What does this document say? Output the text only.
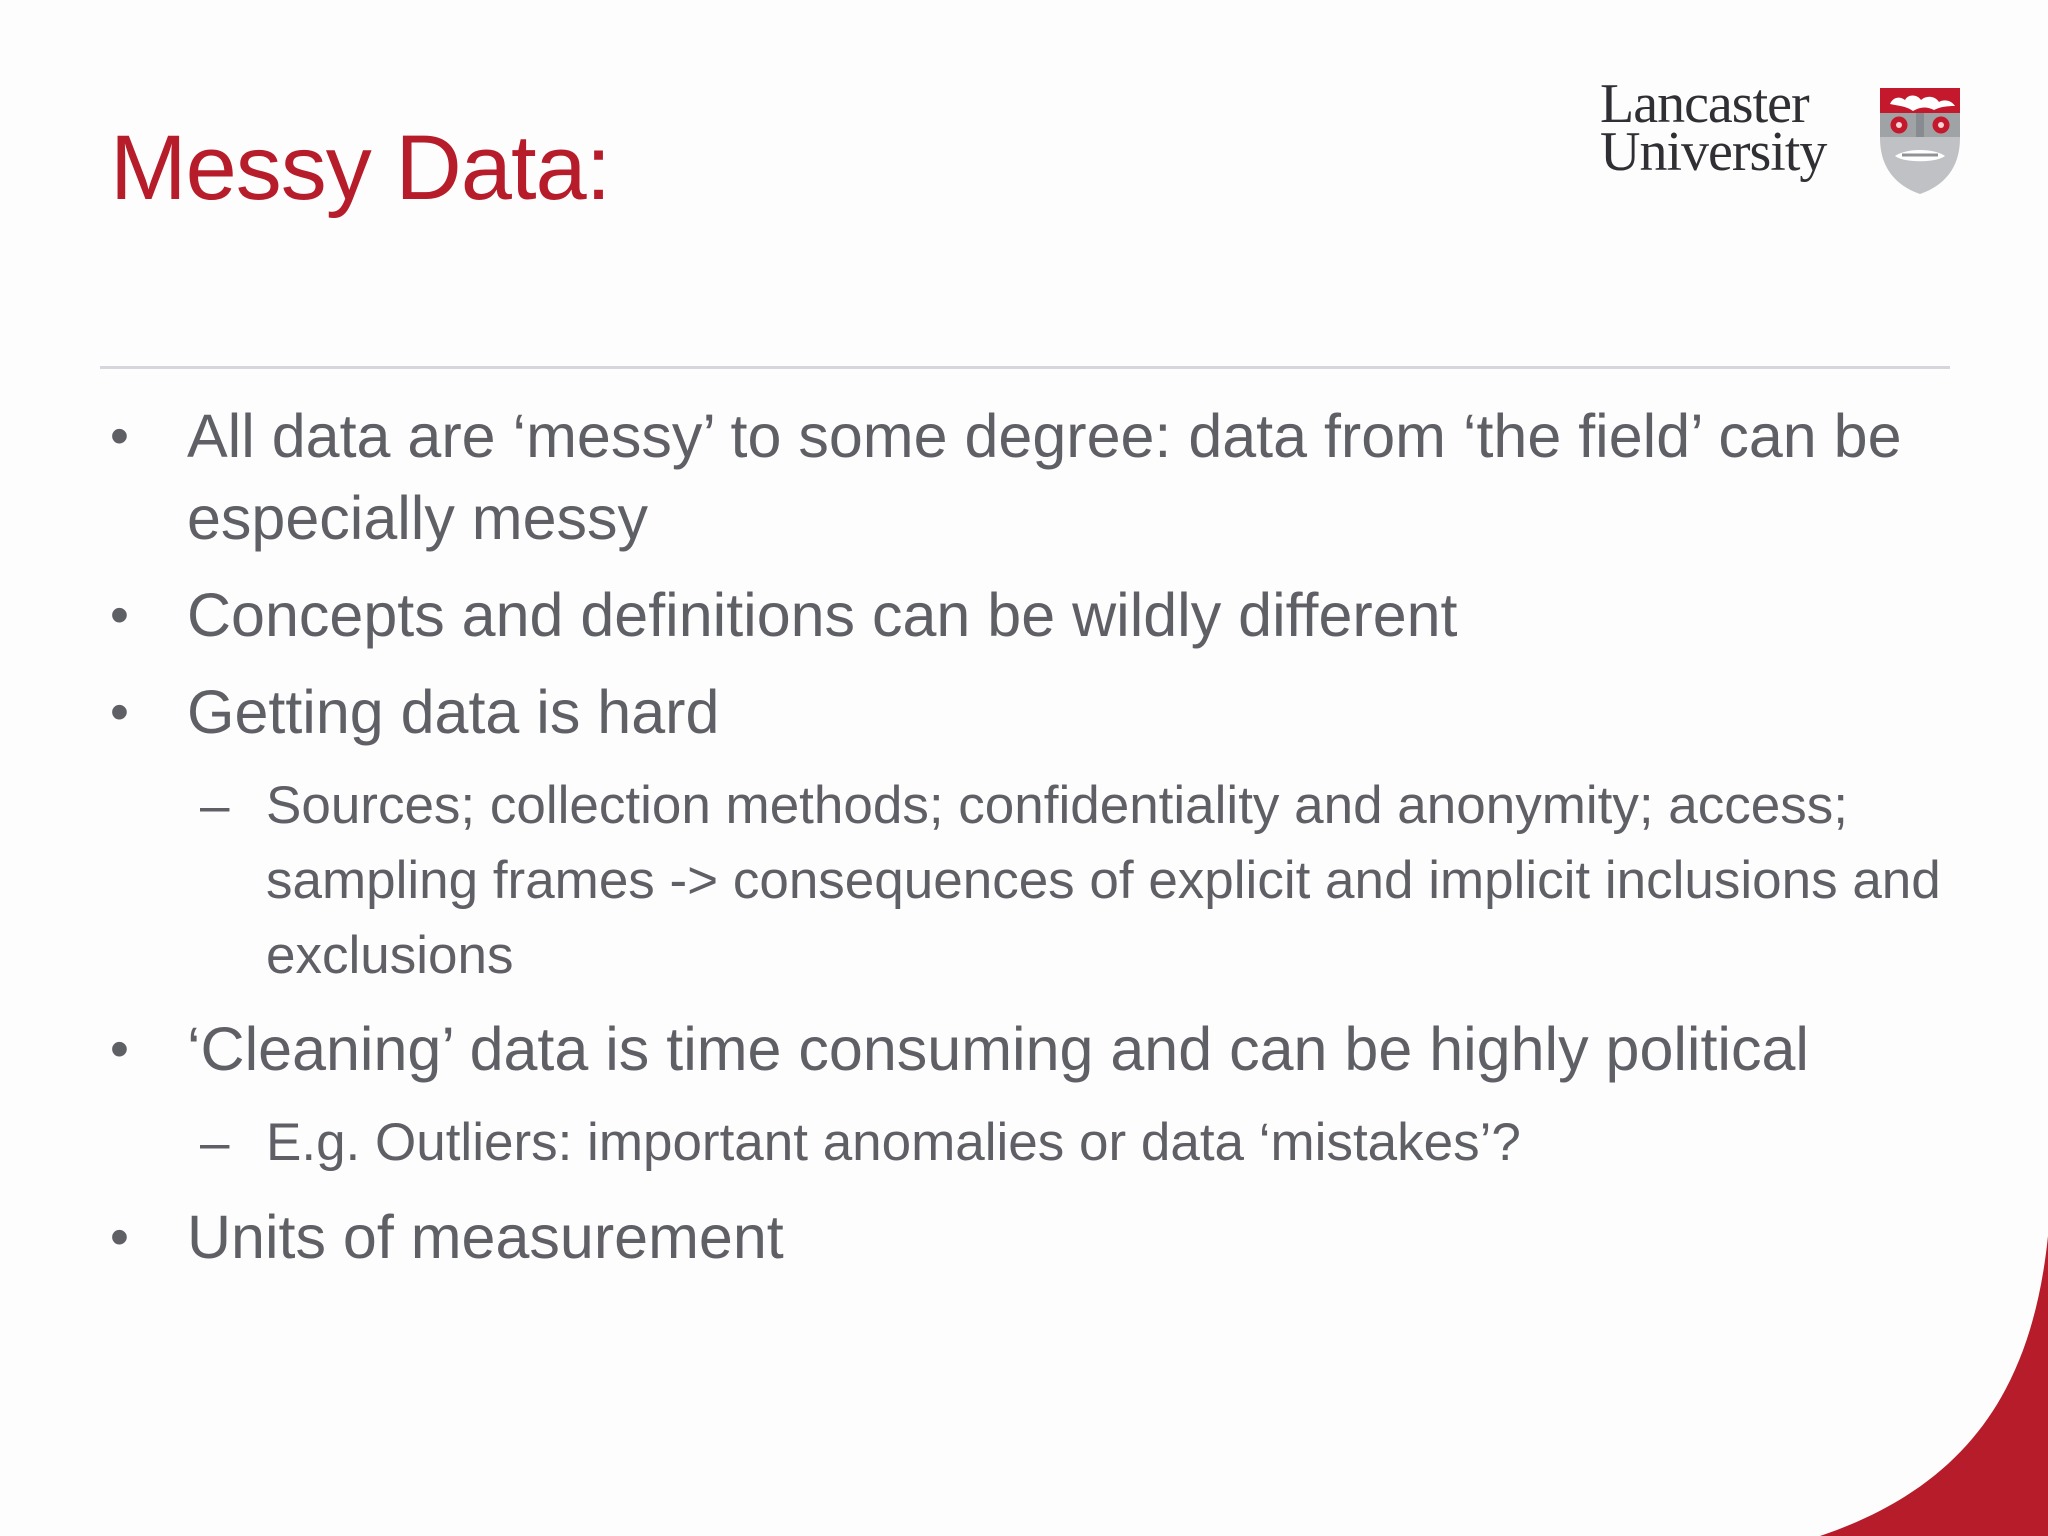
Messy Data:
Lancaster
University
• All data are ‘messy’ to some degree: data from ‘the field’ can be especially messy
• Concepts and definitions can be wildly different
• Getting data is hard
– Sources; collection methods; confidentiality and anonymity; access; sampling frames -> consequences of explicit and implicit inclusions and exclusions
• ‘Cleaning’ data is time consuming and can be highly political
– E.g. Outliers: important anomalies or data ‘mistakes’?
• Units of measurement
